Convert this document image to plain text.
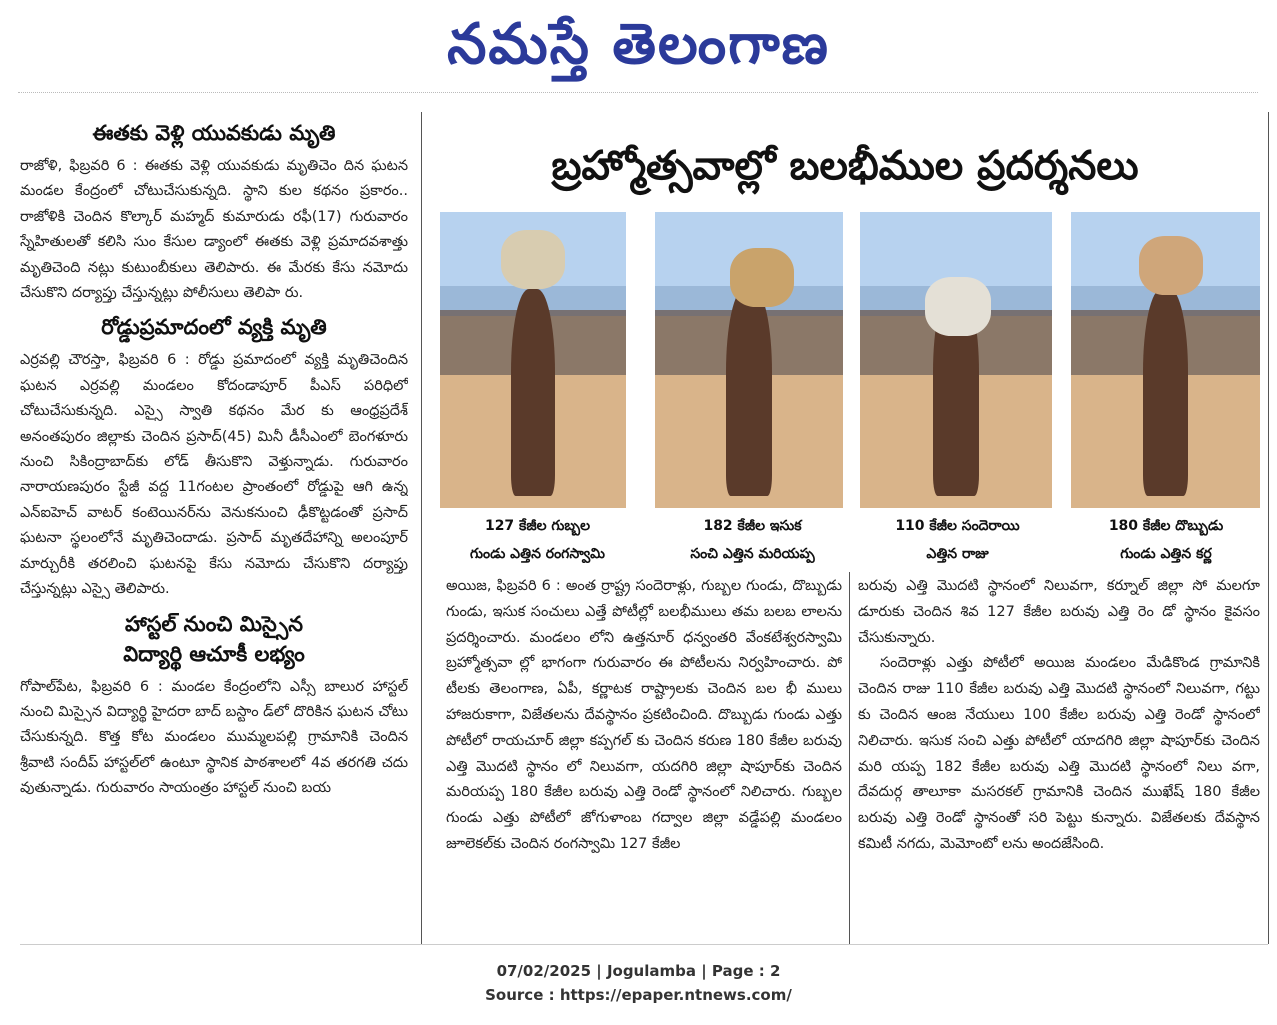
నమస్తే తెలంగాణ
ఈతకు వెళ్లి యువకుడు మృతి

రాజోళి, ఫిబ్రవరి 6 : ఈతకు వెళ్లి యువకుడు మృతిచెం దిన ఘటన మండల కేంద్రంలో చోటుచేసుకున్నది. స్థాని కుల కథనం ప్రకారం.. రాజోళికి చెందిన కొల్కార్ మహ్మద్ కుమారుడు రఫీ(17) గురువారం స్నేహితులతో కలిసి సుం కేసుల డ్యాంలో ఈతకు వెళ్లి ప్రమాదవశాత్తు మృతిచెంది నట్లు కుటుంబీకులు తెలిపారు. ఈ మేరకు కేసు నమోదు చేసుకొని దర్యాప్తు చేస్తున్నట్లు పోలీసులు తెలిపా రు.

రోడ్డుప్రమాదంలో వ్యక్తి మృతి

ఎర్రవల్లి చౌరస్తా, ఫిబ్రవరి 6 : రోడ్డు ప్రమాదంలో వ్యక్తి మృతిచెందిన ఘటన ఎర్రవల్లి మండలం కోదండాపూర్ పీఎస్ పరిధిలో చోటుచేసుకున్నది. ఎస్సై స్వాతి కథనం మేర కు ఆంధ్రప్రదేశ్ అనంతపురం జిల్లాకు చెందిన ప్రసాద్(45) మినీ డీసీఎంలో బెంగళూరు నుంచి సికింద్రాబాద్‌కు లోడ్ తీసుకొని వెళ్తున్నాడు. గురువారం నారాయణపురం స్టేజీ వద్ద 11గంటల ప్రాంతంలో రోడ్డుపై ఆగి ఉన్న ఎన్‌ఐహెచ్ వాటర్ కంటెయినర్‌ను వెనుకనుంచి ఢీకొట్టడంతో ప్రసాద్ ఘటనా స్థలంలోనే మృతిచెందాడు. ప్రసాద్ మృతదేహాన్ని అలంపూర్ మార్చురీకి తరలించి ఘటనపై కేసు నమోదు చేసుకొని దర్యాప్తు చేస్తున్నట్లు ఎస్సై తెలిపారు.

హాస్టల్ నుంచి మిస్సైన
విద్యార్థి ఆచూకీ లభ్యం

గోపాల్‌పేట, ఫిబ్రవరి 6 : మండల కేంద్రంలోని ఎస్సీ బాలుర హాస్టల్ నుంచి మిస్సైన విద్యార్థి హైదరా బాద్ బస్టాం డ్‌లో దొరికిన ఘటన చోటు చేసుకున్నది. కొత్త కోట మండలం ముమ్మలపల్లి గ్రామానికి చెందిన శ్రీవాటి సందీప్ హాస్టల్‌లో ఉంటూ స్థానిక పాఠశాలలో 4వ తరగతి చదు వుతున్నాడు. గురువారం సాయంత్రం హాస్టల్ నుంచి బయ

బ్రహ్మోత్సవాల్లో బలభీముల ప్రదర్శనలు
127 కేజీల గుబ్బల
గుండు ఎత్తిన రంగస్వామి
182 కేజీల ఇసుక
సంచి ఎత్తిన మరియప్ప
110 కేజీల సందెరాయి
ఎత్తిన రాజు
180 కేజీల దొబ్బుడు
గుండు ఎత్తిన కర్ణ
అయిజ, ఫిబ్రవరి 6 : అంత ర్రాష్ట్ర సందెరాళ్లు, గుబ్బల గుండు, దొబ్బుడు గుండు, ఇసుక సంచులు ఎత్తే పోటీల్లో బలభీములు తమ బలబ లాలను ప్రదర్శించారు. మండలం లోని ఉత్తనూర్ ధన్వంతరి వేంకటేశ్వరస్వామి బ్రహ్మోత్సవా ల్లో భాగంగా గురువారం ఈ పోటీలను నిర్వహించారు. పో టీలకు తెలంగాణ, ఏపీ, కర్ణాటక రాష్ట్రాలకు చెందిన బల భీ ములు హాజరుకాగా, విజేతలను దేవస్థానం ప్రకటించింది. దొబ్బుడు గుండు ఎత్తు పోటీలో రాయచూర్ జిల్లా కప్పగల్ కు చెందిన కరుణ 180 కేజీల బరువు ఎత్తి మొదటి స్థానం లో నిలువగా, యదగిరి జిల్లా షాపూర్‌కు చెందిన మరియప్ప 180 కేజీల బరువు ఎత్తి రెండో స్థానంలో నిలిచారు. గుబ్బల గుండు ఎత్తు పోటీలో జోగుళాంబ గద్వాల జిల్లా వడ్డేపల్లి మండలం జూలెకల్‌కు చెందిన రంగస్వామి 127 కేజీల
బరువు ఎత్తి మొదటి స్థానంలో నిలువగా, కర్నూల్ జిల్లా సో మలగూ డూరుకు చెందిన శివ 127 కేజీల బరువు ఎత్తి రెం డో స్థానం కైవసం చేసుకున్నారు.
సందెరాళ్లు ఎత్తు పోటీలో అయిజ మండలం మేడికొండ గ్రామానికి చెందిన రాజు 110 కేజీల బరువు ఎత్తి మొదటి స్థానంలో నిలువగా, గట్టు కు చెందిన ఆంజ నేయులు 100 కేజీల బరువు ఎత్తి రెండో స్థానంలో నిలిచారు. ఇసుక సంచి ఎత్తు పోటీలో యాదగిరి జిల్లా షాపూర్‌కు చెందిన మరి యప్ప 182 కేజీల బరువు ఎత్తి మొదటి స్థానంలో నిలు వగా, దేవదుర్గ తాలూకా మసరకల్ గ్రామానికి చెందిన ముఖేష్ 180 కేజీల బరువు ఎత్తి రెండో స్థానంతో సరి పెట్టు కున్నారు. విజేతలకు దేవస్థాన కమిటీ నగదు, మెమోంటో లను అందజేసింది.
07/02/2025 | Jogulamba | Page : 2
Source : https://epaper.ntnews.com/
